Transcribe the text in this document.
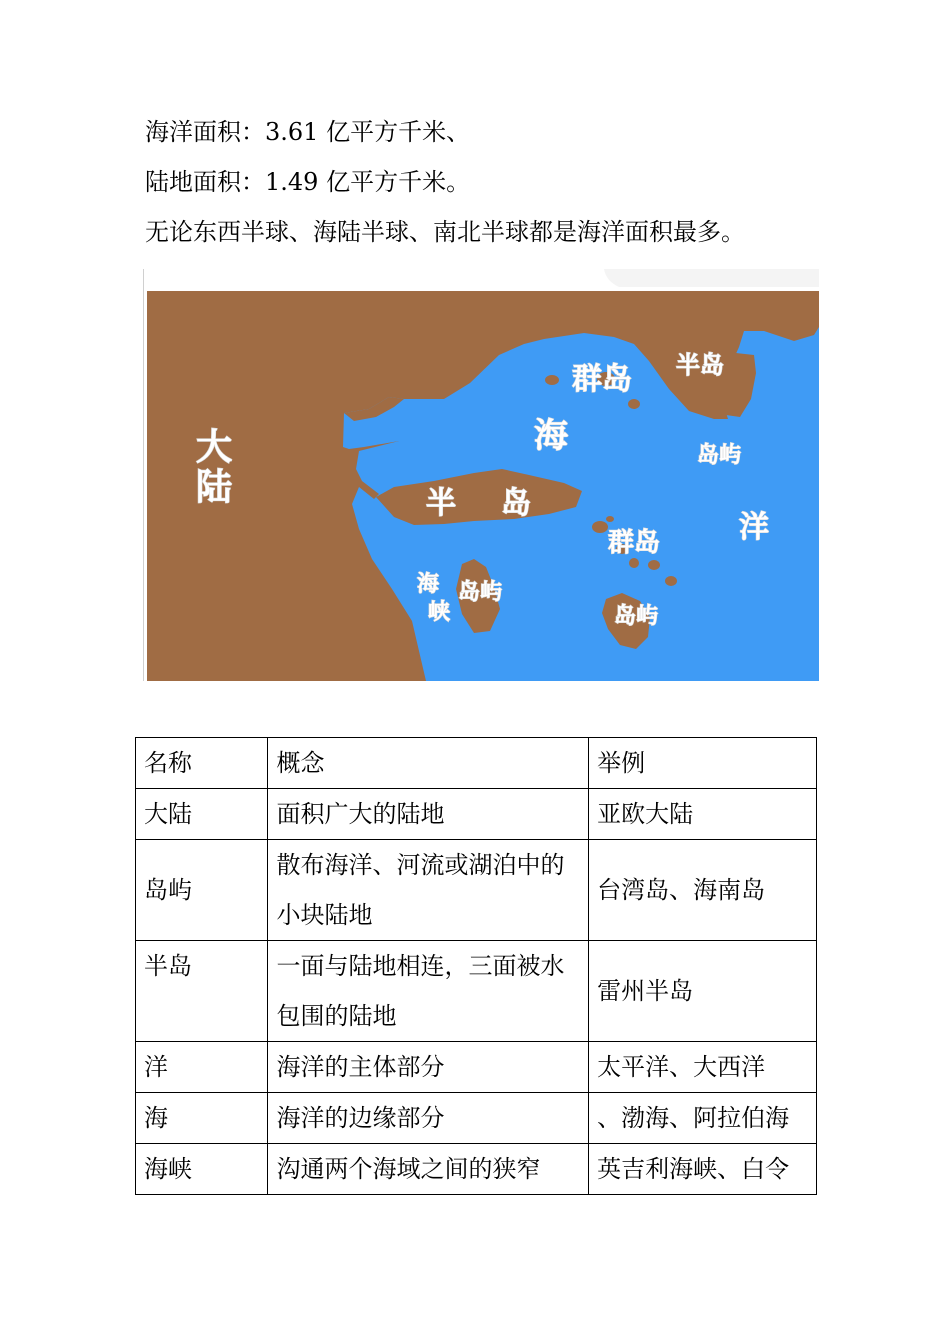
海洋面积：3.61 亿平方千米、
陆地面积：1.49 亿平方千米。
无论东西半球、海陆半球、南北半球都是海洋面积最多。
大
陆
群岛 半岛
海	岛屿
半 岛
洋
群岛
海
峡
岛屿
岛屿
名称	概念	举例
大陆	面积广大的陆地	亚欧大陆
岛屿	散布海洋、河流或湖泊中的小块陆地	台湾岛、海南岛
半岛	一面与陆地相连，三面被水包围的陆地	雷州半岛
洋	海洋的主体部分	太平洋、大西洋
海	海洋的边缘部分	、渤海、阿拉伯海
海峡	沟通两个海域之间的狭窄	英吉利海峡、白令
